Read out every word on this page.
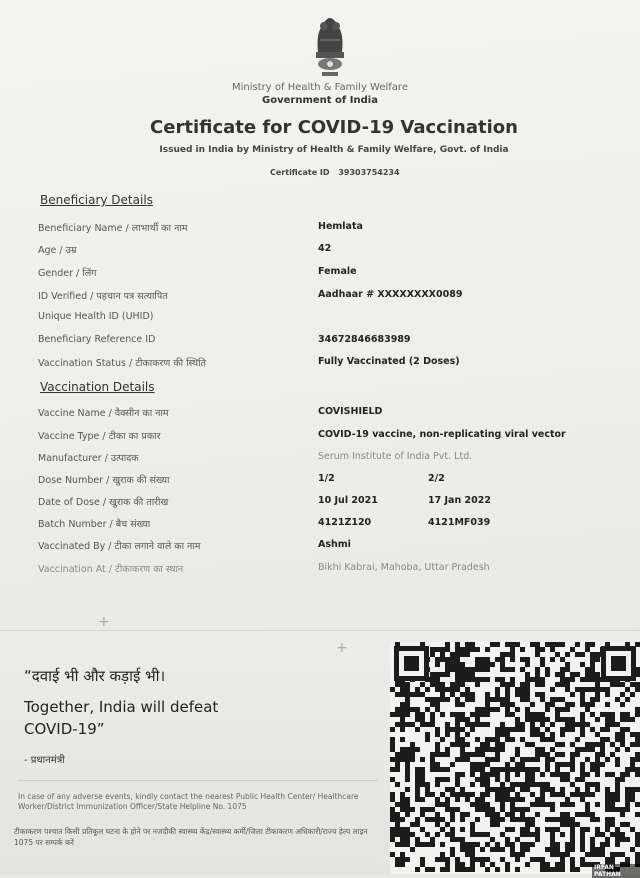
Ministry of Health & Family Welfare
Government of India
Certificate for COVID-19 Vaccination
Issued in India by Ministry of Health & Family Welfare, Govt. of India
Certificate ID 39303754234
Beneficiary Details
Beneficiary Name / लाभार्थी का नाम	Hemlata
Age / उम्र	42
Gender / लिंग	Female
ID Verified / पहचान पत्र सत्यापित	Aadhaar # XXXXXXXX0089
Unique Health ID (UHID)
Beneficiary Reference ID	34672846683989
Vaccination Status / टीकाकरण की स्थिति	Fully Vaccinated (2 Doses)
Vaccination Details
Vaccine Name / वैक्सीन का नाम	COVISHIELD
Vaccine Type / टीका का प्रकार	COVID-19 vaccine, non-replicating viral vector
Manufacturer / उत्पादक	Serum Institute of India Pvt. Ltd.
Dose Number / खुराक की संख्या	1/2	2/2
Date of Dose / खुराक की तारीख	10 Jul 2021	17 Jan 2022
Batch Number / बैच संख्या	4121Z120	4121MF039
Vaccinated By / टीका लगाने वाले का नाम	Ashmi
Vaccination At / टीकाकरण का स्थान	Bikhi Kabrai, Mahoba, Uttar Pradesh
+
+
“दवाई भी और कड़ाई भी।
Together, India will defeat COVID-19”
- प्रधानमंत्री
In case of any adverse events, kindly contact the nearest Public Health Center/ Healthcare Worker/District Immunization Officer/State Helpline No. 1075
टीकाकरण पश्चात किसी प्रतिकूल घटना के होने पर नजदीकी स्वास्थ्य केंद्र/स्वास्थ्य कर्मी/जिला टीकाकरण अधिकारी/राज्य हेल्प लाइन 1075 पर सम्पर्क करें
IRFAN PATHAN
